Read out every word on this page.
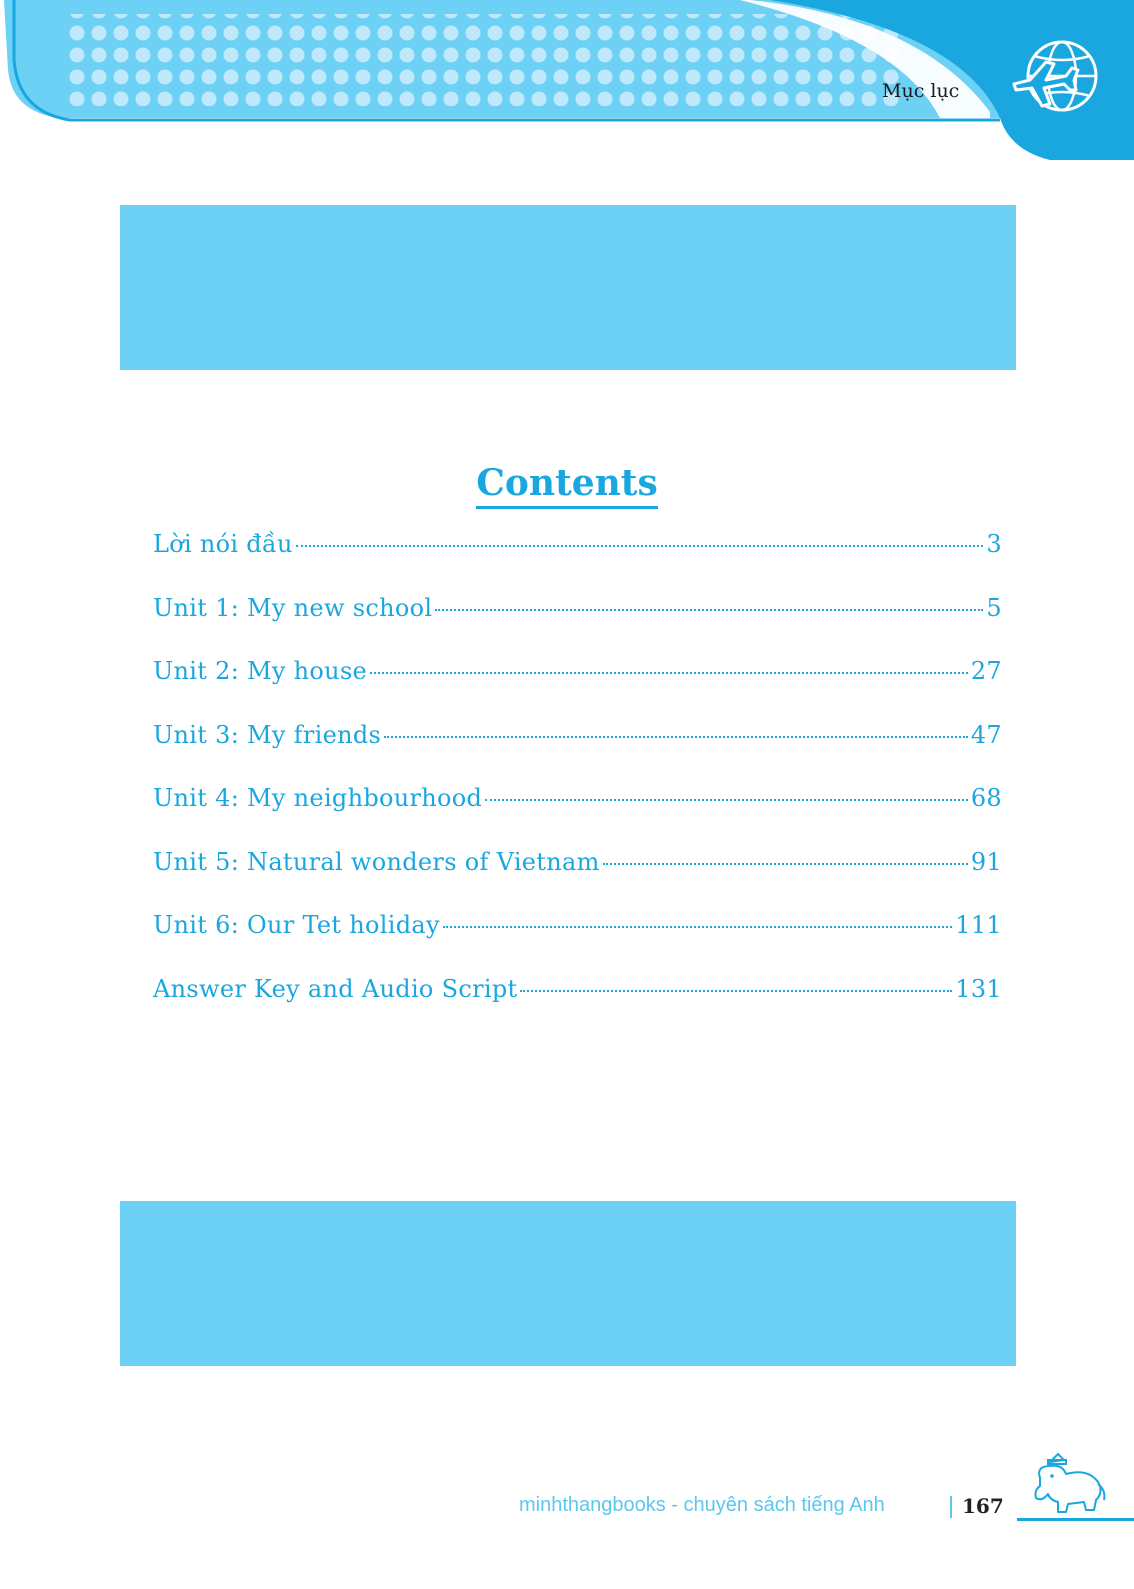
Mục lục
Contents
Lời nói đầu	3
Unit 1: My new school	5
Unit 2: My house	27
Unit 3: My friends	47
Unit 4: My neighbourhood	68
Unit 5: Natural wonders of Vietnam	91
Unit 6: Our Tet holiday	111
Answer Key and Audio Script	131
minhthangbooks - chuyên sách tiếng Anh	167
